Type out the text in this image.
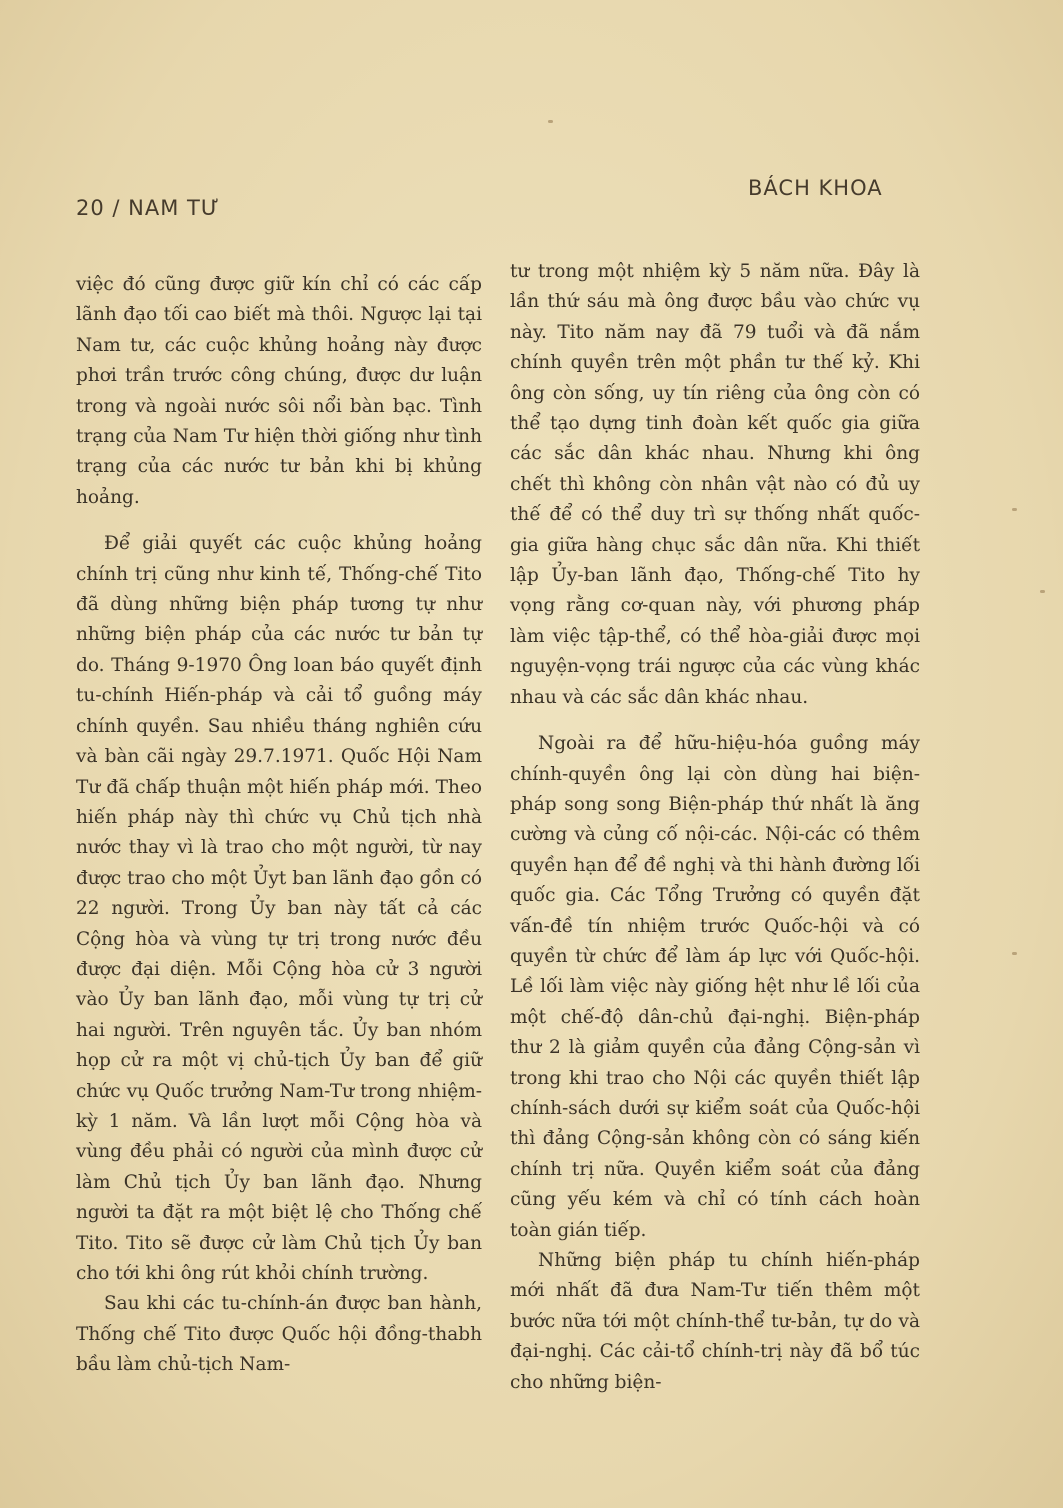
20 / NAM TƯ
BÁCH KHOA

việc đó cũng được giữ kín chỉ có các cấp lãnh đạo tối cao biết mà thôi. Ngược lại tại Nam tư, các cuộc khủng hoảng này được phơi trần trước công chúng, được dư luận trong và ngoài nước sôi nổi bàn bạc. Tình trạng của Nam Tư hiện thời giống như tình trạng của các nước tư bản khi bị khủng hoảng.

Để giải quyết các cuộc khủng hoảng chính trị cũng như kinh tế, Thống-chế Tito đã dùng những biện pháp tương tự như những biện pháp của các nước tư bản tự do. Tháng 9-1970 Ông loan báo quyết định tu-chính Hiến-pháp và cải tổ guồng máy chính quyền. Sau nhiều tháng nghiên cứu và bàn cãi ngày 29.7.1971. Quốc Hội Nam Tư đã chấp thuận một hiến pháp mới. Theo hiến pháp này thì chức vụ Chủ tịch nhà nước thay vì là trao cho một người, từ nay được trao cho một Ủyt ban lãnh đạo gồn có 22 người. Trong Ủy ban này tất cả các Cộng hòa và vùng tự trị trong nước đều được đại diện. Mỗi Cộng hòa cử 3 người vào Ủy ban lãnh đạo, mỗi vùng tự trị cử hai người. Trên nguyên tắc. Ủy ban nhóm họp cử ra một vị chủ-tịch Ủy ban để giữ chức vụ Quốc trưởng Nam-Tư trong nhiệm-kỳ 1 năm. Và lần lượt mỗi Cộng hòa và vùng đều phải có người của mình được cử làm Chủ tịch Ủy ban lãnh đạo. Nhưng người ta đặt ra một biệt lệ cho Thống chế Tito. Tito sẽ được cử làm Chủ tịch Ủy ban cho tới khi ông rút khỏi chính trường.

Sau khi các tu-chính-án được ban hành, Thống chế Tito được Quốc hội đồng-thabh bầu làm chủ-tịch Nam-

tư trong một nhiệm kỳ 5 năm nữa. Đây là lần thứ sáu mà ông được bầu vào chức vụ này. Tito năm nay đã 79 tuổi và đã nắm chính quyền trên một phần tư thế kỷ. Khi ông còn sống, uy tín riêng của ông còn có thể tạo dựng tinh đoàn kết quốc gia giữa các sắc dân khác nhau. Nhưng khi ông chết thì không còn nhân vật nào có đủ uy thế để có thể duy trì sự thống nhất quốc-gia giữa hàng chục sắc dân nữa. Khi thiết lập Ủy-ban lãnh đạo, Thống-chế Tito hy vọng rằng cơ-quan này, với phương pháp làm việc tập-thể, có thể hòa-giải được mọi nguyện-vọng trái ngược của các vùng khác nhau và các sắc dân khác nhau.

Ngoài ra để hữu-hiệu-hóa guồng máy chính-quyền ông lại còn dùng hai biện-pháp song song Biện-pháp thứ nhất là ăng cường và củng cố nội-các. Nội-các có thêm quyền hạn để đề nghị và thi hành đường lối quốc gia. Các Tổng Trưởng có quyền đặt vấn-đề tín nhiệm trước Quốc-hội và có quyền từ chức để làm áp lực với Quốc-hội. Lề lối làm việc này giống hệt như lề lối của một chế-độ dân-chủ đại-nghị. Biện-pháp thư 2 là giảm quyền của đảng Cộng-sản vì trong khi trao cho Nội các quyền thiết lập chính-sách dưới sự kiểm soát của Quốc-hội thì đảng Cộng-sản không còn có sáng kiến chính trị nữa. Quyền kiểm soát của đảng cũng yếu kém và chỉ có tính cách hoàn toàn gián tiếp.

Những biện pháp tu chính hiến-pháp mới nhất đã đưa Nam-Tư tiến thêm một bước nữa tới một chính-thể tư-bản, tự do và đại-nghị. Các cải-tổ chính-trị này đã bổ túc cho những biện-
